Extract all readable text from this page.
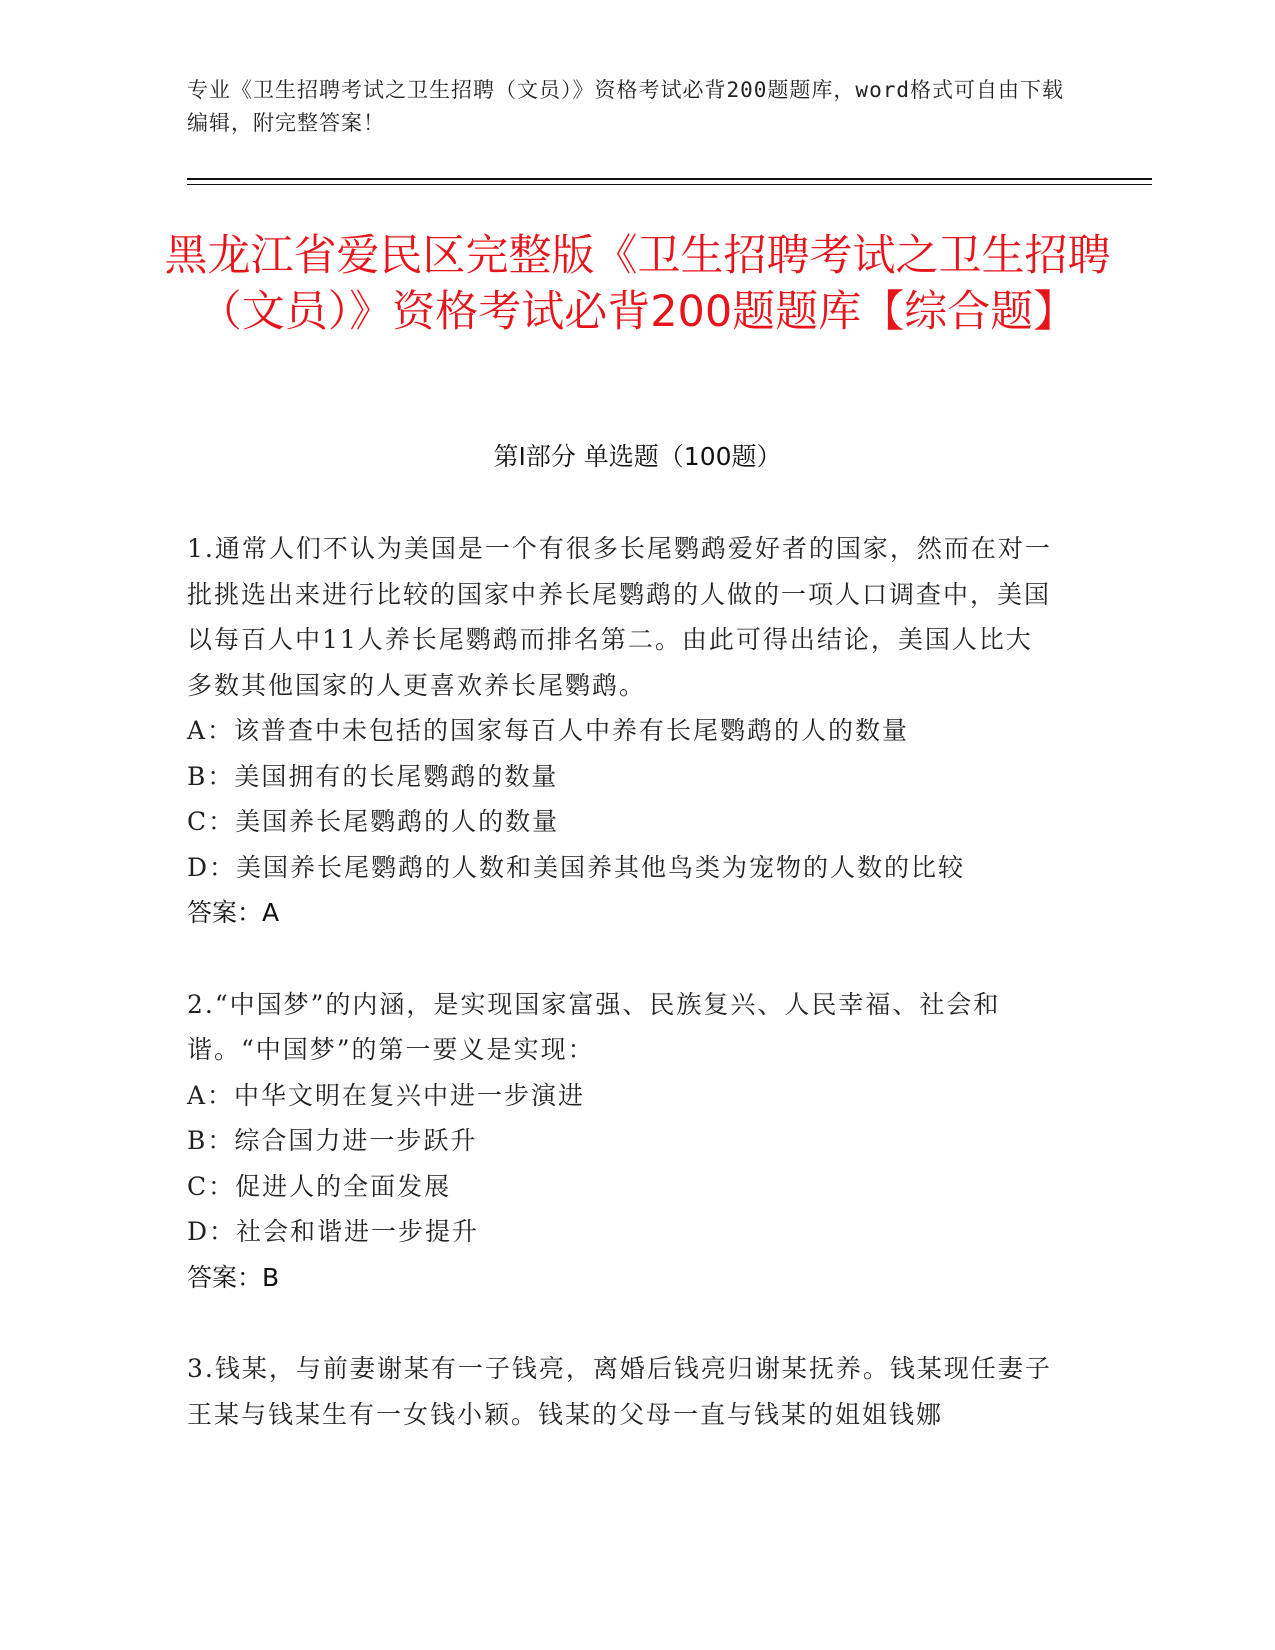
专业《卫生招聘考试之卫生招聘（文员）》资格考试必背200题题库，word格式可自由下载编辑，附完整答案！
黑龙江省爱民区完整版《卫生招聘考试之卫生招聘（文员）》资格考试必背200题题库【综合题】
第I部分 单选题（100题）
1.通常人们不认为美国是一个有很多长尾鹦鹉爱好者的国家，然而在对一批挑选出来进行比较的国家中养长尾鹦鹉的人做的一项人口调查中，美国以每百人中11人养长尾鹦鹉而排名第二。由此可得出结论，美国人比大多数其他国家的人更喜欢养长尾鹦鹉。
A：该普查中未包括的国家每百人中养有长尾鹦鹉的人的数量
B：美国拥有的长尾鹦鹉的数量
C：美国养长尾鹦鹉的人的数量
D：美国养长尾鹦鹉的人数和美国养其他鸟类为宠物的人数的比较
答案：A
2.“中国梦”的内涵，是实现国家富强、民族复兴、人民幸福、社会和谐。“中国梦”的第一要义是实现：
A：中华文明在复兴中进一步演进
B：综合国力进一步跃升
C：促进人的全面发展
D：社会和谐进一步提升
答案：B
3.钱某，与前妻谢某有一子钱亮，离婚后钱亮归谢某抚养。钱某现任妻子王某与钱某生有一女钱小颖。钱某的父母一直与钱某的姐姐钱娜
